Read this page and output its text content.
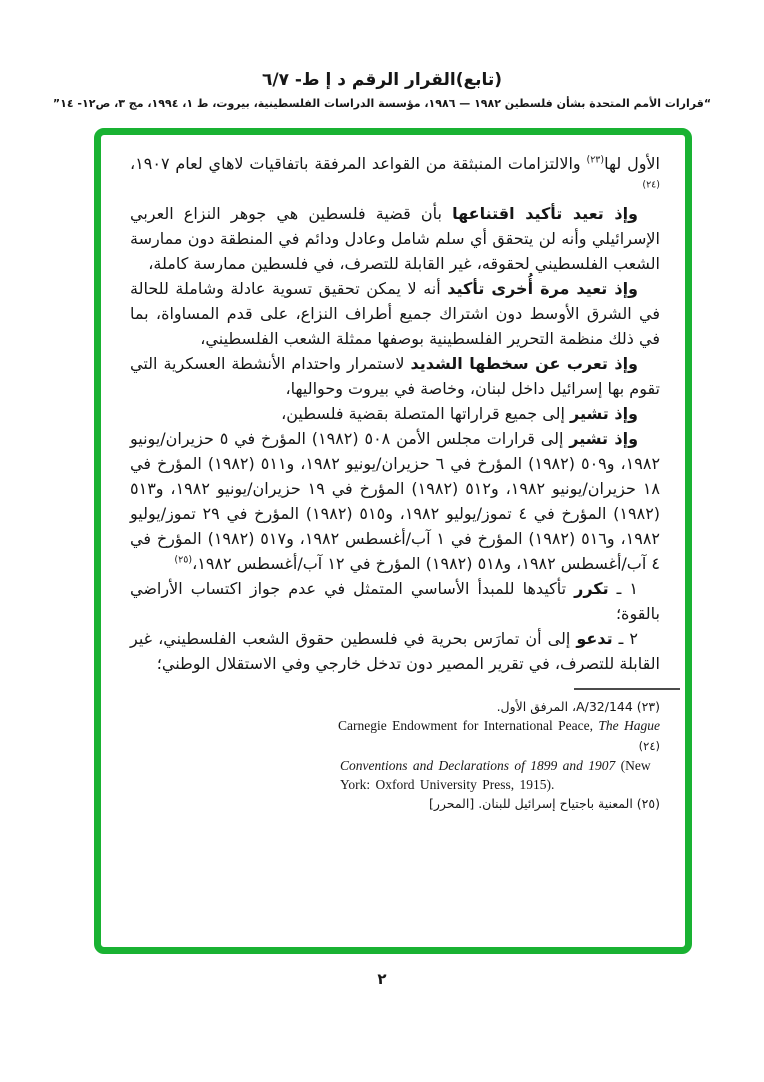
(تابع)القرار الرقم د إ ط- ٦/٧
“قرارات الأمم المتحدة بشأن فلسطين ١٩٨٢ — ١٩٨٦، مؤسسة الدراسات الفلسطينية، بيروت، ط ١، ١٩٩٤، مج ٣، ص١٢- ١٤”

الأول لها$^{(٢٣)}$ والالتزامات المنبثقة من القواعد المرفقة باتفاقيات لاهاي لعام ١٩٠٧،$^{(٢٤)}$

وإذ تعيد تأكيد اقتناعها بأن قضية فلسطين هي جوهر النزاع العربي الإسرائيلي وأنه لن يتحقق أي سلم شامل وعادل ودائم في المنطقة دون ممارسة الشعب الفلسطيني لحقوقه، غير القابلة للتصرف، في فلسطين ممارسة كاملة،

وإذ تعيد مرة أُخرى تأكيد أنه لا يمكن تحقيق تسوية عادلة وشاملة للحالة في الشرق الأوسط دون اشتراك جميع أطراف النزاع، على قدم المساواة، بما في ذلك منظمة التحرير الفلسطينية بوصفها ممثلة الشعب الفلسطيني،

وإذ تعرب عن سخطها الشديد لاستمرار واحتدام الأنشطة العسكرية التي تقوم بها إسرائيل داخل لبنان، وخاصة في بيروت وحواليها،

وإذ تشير إلى جميع قراراتها المتصلة بقضية فلسطين،

وإذ تشير إلى قرارات مجلس الأمن ٥٠٨ (١٩٨٢) المؤرخ في ٥ حزيران/يونيو ١٩٨٢، و٥٠٩ (١٩٨٢) المؤرخ في ٦ حزيران/يونيو ١٩٨٢، و٥١١ (١٩٨٢) المؤرخ في ١٨ حزيران/يونيو ١٩٨٢، و٥١٢ (١٩٨٢) المؤرخ في ١٩ حزيران/يونيو ١٩٨٢، و٥١٣ (١٩٨٢) المؤرخ في ٤ تموز/يوليو ١٩٨٢، و٥١٥ (١٩٨٢) المؤرخ في ٢٩ تموز/يوليو ١٩٨٢، و٥١٦ (١٩٨٢) المؤرخ في ١ آب/أغسطس ١٩٨٢، و٥١٧ (١٩٨٢) المؤرخ في ٤ آب/أغسطس ١٩٨٢، و٥١٨ (١٩٨٢) المؤرخ في ١٢ آب/أغسطس ١٩٨٢،$^{(٢٥)}$

١ ـ تكرر تأكيدها للمبدأ الأساسي المتمثل في عدم جواز اكتساب الأراضي بالقوة؛

٢ ـ تدعو إلى أن تمارَس بحرية في فلسطين حقوق الشعب الفلسطيني، غير القابلة للتصرف، في تقرير المصير دون تدخل خارجي وفي الاستقلال الوطني؛

(٢٣) A/32/144، المرفق الأول.
Carnegie Endowment for International Peace, The Hague (٢٤)
Conventions and Declarations of 1899 and 1907 (New
York: Oxford University Press, 1915).
(٢٥) المعنية باجتياح إسرائيل للبنان. [المحرر]
٢
